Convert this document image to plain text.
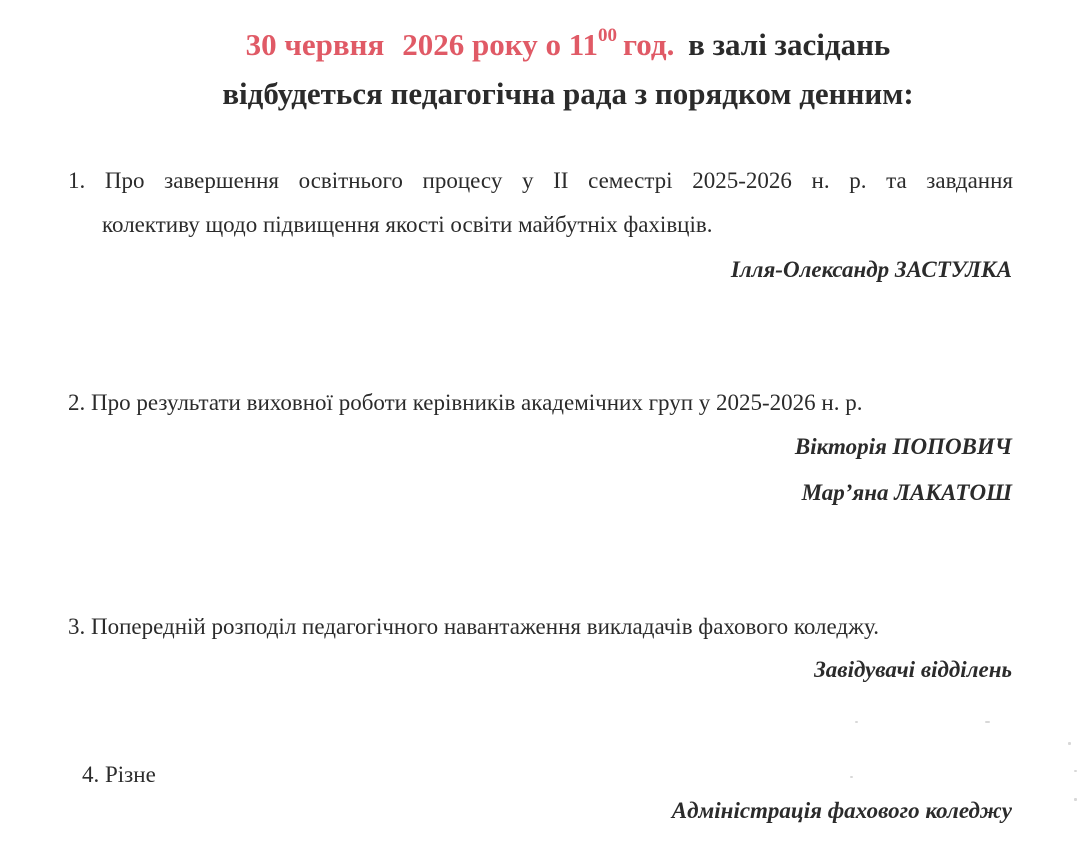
30 червня 2026 року о $11^{00}$ год. в залі засідань
відбудеться педагогічна рада з порядком денним:
1. Про завершення освітнього процесу у ІІ семестрі 2025-2026 н. р. та завдання
колективу щодо підвищення якості освіти майбутніх фахівців.
Ілля-Олександр ЗАСТУЛКА
2. Про результати виховної роботи керівників академічних груп у 2025-2026 н. р.
Вікторія ПОПОВИЧ
Мар’яна ЛАКАТОШ
3. Попередній розподіл педагогічного навантаження викладачів фахового коледжу.
Завідувачі відділень
4. Різне
Адміністрація фахового коледжу
